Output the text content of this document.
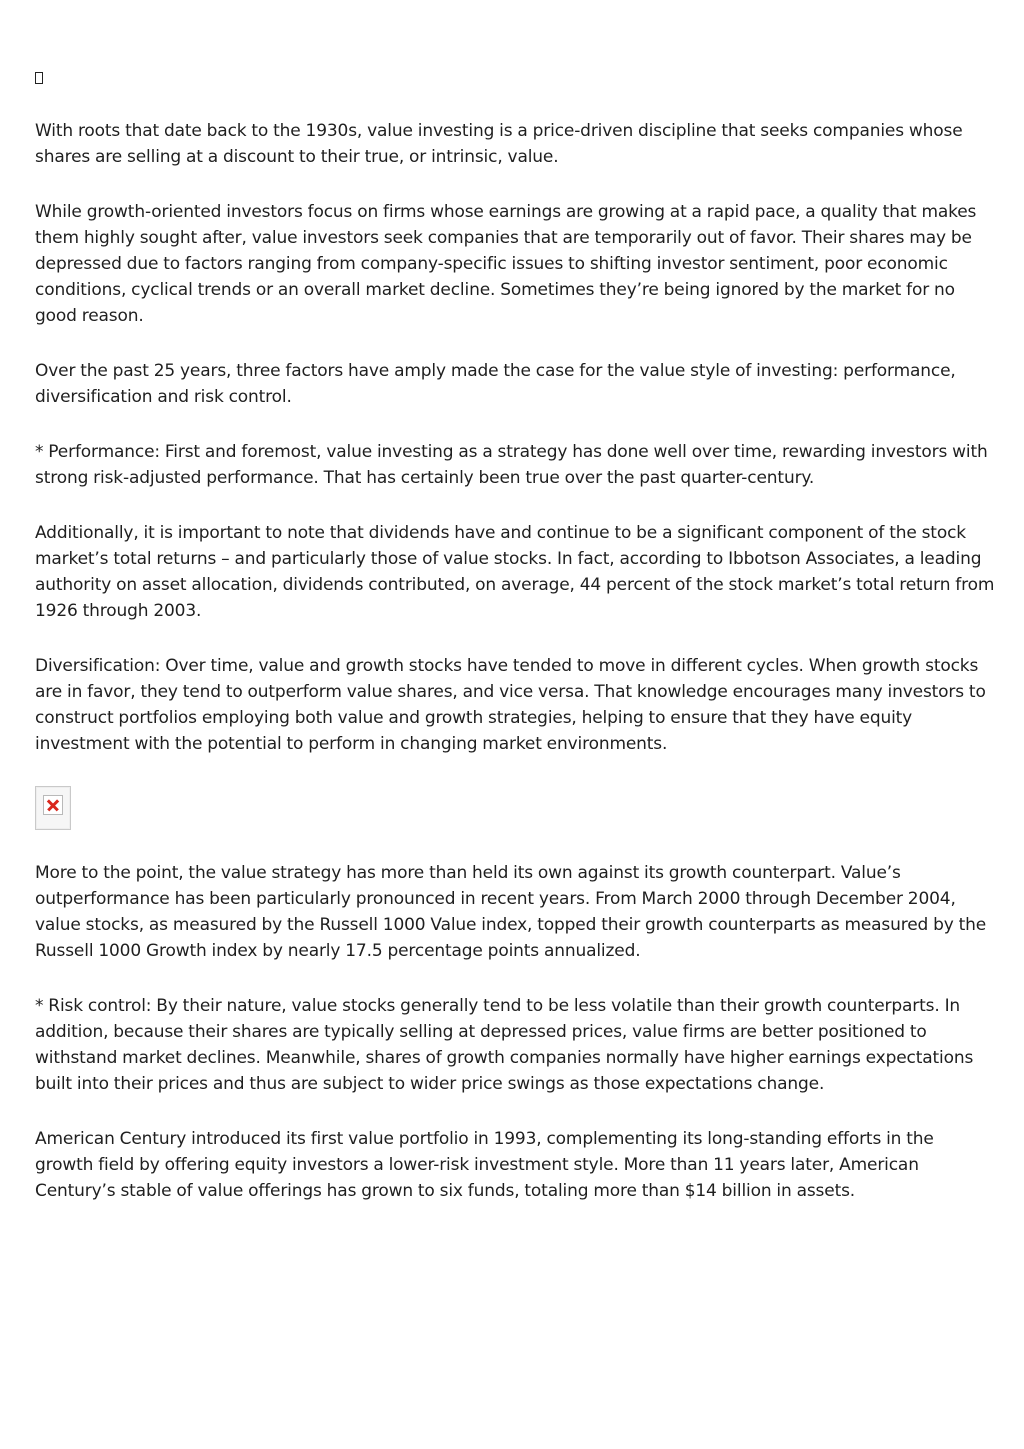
With roots that date back to the 1930s, value investing is a price-driven discipline that seeks companies whose shares are selling at a discount to their true, or intrinsic, value.

While growth-oriented investors focus on firms whose earnings are growing at a rapid pace, a quality that makes them highly sought after, value investors seek companies that are temporarily out of favor. Their shares may be depressed due to factors ranging from company-specific issues to shifting investor sentiment, poor economic conditions, cyclical trends or an overall market decline. Sometimes they’re being ignored by the market for no good reason.

Over the past 25 years, three factors have amply made the case for the value style of investing: performance, diversification and risk control.

* Performance: First and foremost, value investing as a strategy has done well over time, rewarding investors with strong risk-adjusted performance. That has certainly been true over the past quarter-century.

Additionally, it is important to note that dividends have and continue to be a significant component of the stock market’s total returns – and particularly those of value stocks. In fact, according to Ibbotson Associates, a leading authority on asset allocation, dividends contributed, on average, 44 percent of the stock market’s total return from 1926 through 2003.

Diversification: Over time, value and growth stocks have tended to move in different cycles. When growth stocks are in favor, they tend to outperform value shares, and vice versa. That knowledge encourages many investors to construct portfolios employing both value and growth strategies, helping to ensure that they have equity investment with the potential to perform in changing market environments.

More to the point, the value strategy has more than held its own against its growth counterpart. Value’s outperformance has been particularly pronounced in recent years. From March 2000 through December 2004, value stocks, as measured by the Russell 1000 Value index, topped their growth counterparts as measured by the Russell 1000 Growth index by nearly 17.5 percentage points annualized.

* Risk control: By their nature, value stocks generally tend to be less volatile than their growth counterparts. In addition, because their shares are typically selling at depressed prices, value firms are better positioned to withstand market declines. Meanwhile, shares of growth companies normally have higher earnings expectations built into their prices and thus are subject to wider price swings as those expectations change.

American Century introduced its first value portfolio in 1993, complementing its long-standing efforts in the growth field by offering equity investors a lower-risk investment style. More than 11 years later, American Century’s stable of value offerings has grown to six funds, totaling more than $14 billion in assets.
